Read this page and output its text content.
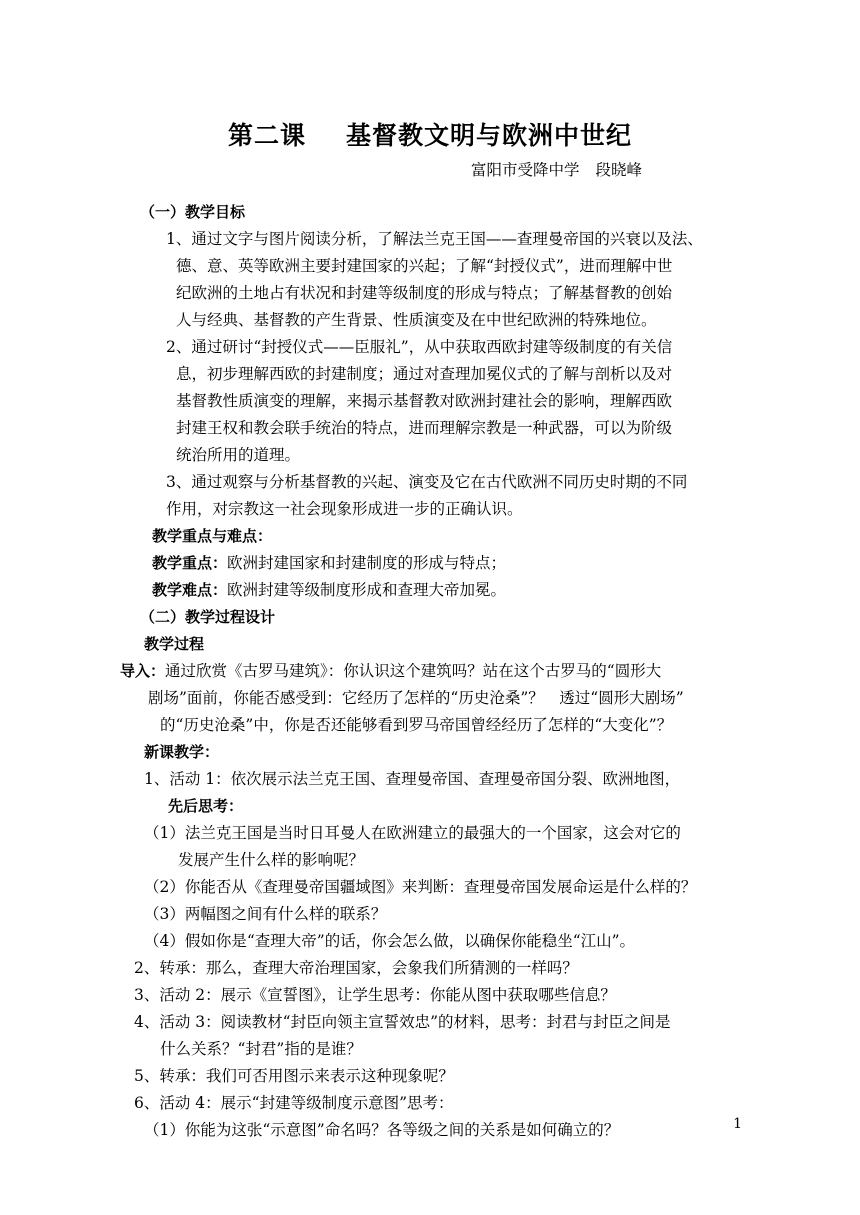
第二课 基督教文明与欧洲中世纪
富阳市受降中学 段晓峰
（一）教学目标
1、通过文字与图片阅读分析，了解法兰克王国——查理曼帝国的兴衰以及法、
德、意、英等欧洲主要封建国家的兴起；了解“封授仪式”，进而理解中世
纪欧洲的土地占有状况和封建等级制度的形成与特点；了解基督教的创始
人与经典、基督教的产生背景、性质演变及在中世纪欧洲的特殊地位。
2、通过研讨“封授仪式——臣服礼”，从中获取西欧封建等级制度的有关信
息，初步理解西欧的封建制度；通过对查理加冕仪式的了解与剖析以及对
基督教性质演变的理解，来揭示基督教对欧洲封建社会的影响，理解西欧
封建王权和教会联手统治的特点，进而理解宗教是一种武器，可以为阶级
统治所用的道理。
3、通过观察与分析基督教的兴起、演变及它在古代欧洲不同历史时期的不同
作用，对宗教这一社会现象形成进一步的正确认识。
教学重点与难点：
教学重点：欧洲封建国家和封建制度的形成与特点；
教学难点：欧洲封建等级制度形成和查理大帝加冕。
（二）教学过程设计
教学过程
导入：通过欣赏《古罗马建筑》：你认识这个建筑吗？站在这个古罗马的“圆形大
剧场”面前，你能否感受到：它经历了怎样的“历史沧桑”？　透过“圆形大剧场”
的“历史沧桑”中，你是否还能够看到罗马帝国曾经经历了怎样的“大变化”？
新课教学：
1、活动 1：依次展示法兰克王国、查理曼帝国、查理曼帝国分裂、欧洲地图，
先后思考：
（1）法兰克王国是当时日耳曼人在欧洲建立的最强大的一个国家，这会对它的
发展产生什么样的影响呢？
（2）你能否从《查理曼帝国疆域图》来判断：查理曼帝国发展命运是什么样的？
（3）两幅图之间有什么样的联系？
（4）假如你是“查理大帝”的话，你会怎么做，以确保你能稳坐“江山”。
2、转承：那么，查理大帝治理国家，会象我们所猜测的一样吗？
3、活动 2：展示《宣誓图》，让学生思考：你能从图中获取哪些信息？
4、活动 3：阅读教材“封臣向领主宣誓效忠”的材料，思考：封君与封臣之间是
什么关系？“封君”指的是谁？
5、转承：我们可否用图示来表示这种现象呢？
6、活动 4：展示“封建等级制度示意图”思考：
（1）你能为这张“示意图”命名吗？各等级之间的关系是如何确立的？	1
